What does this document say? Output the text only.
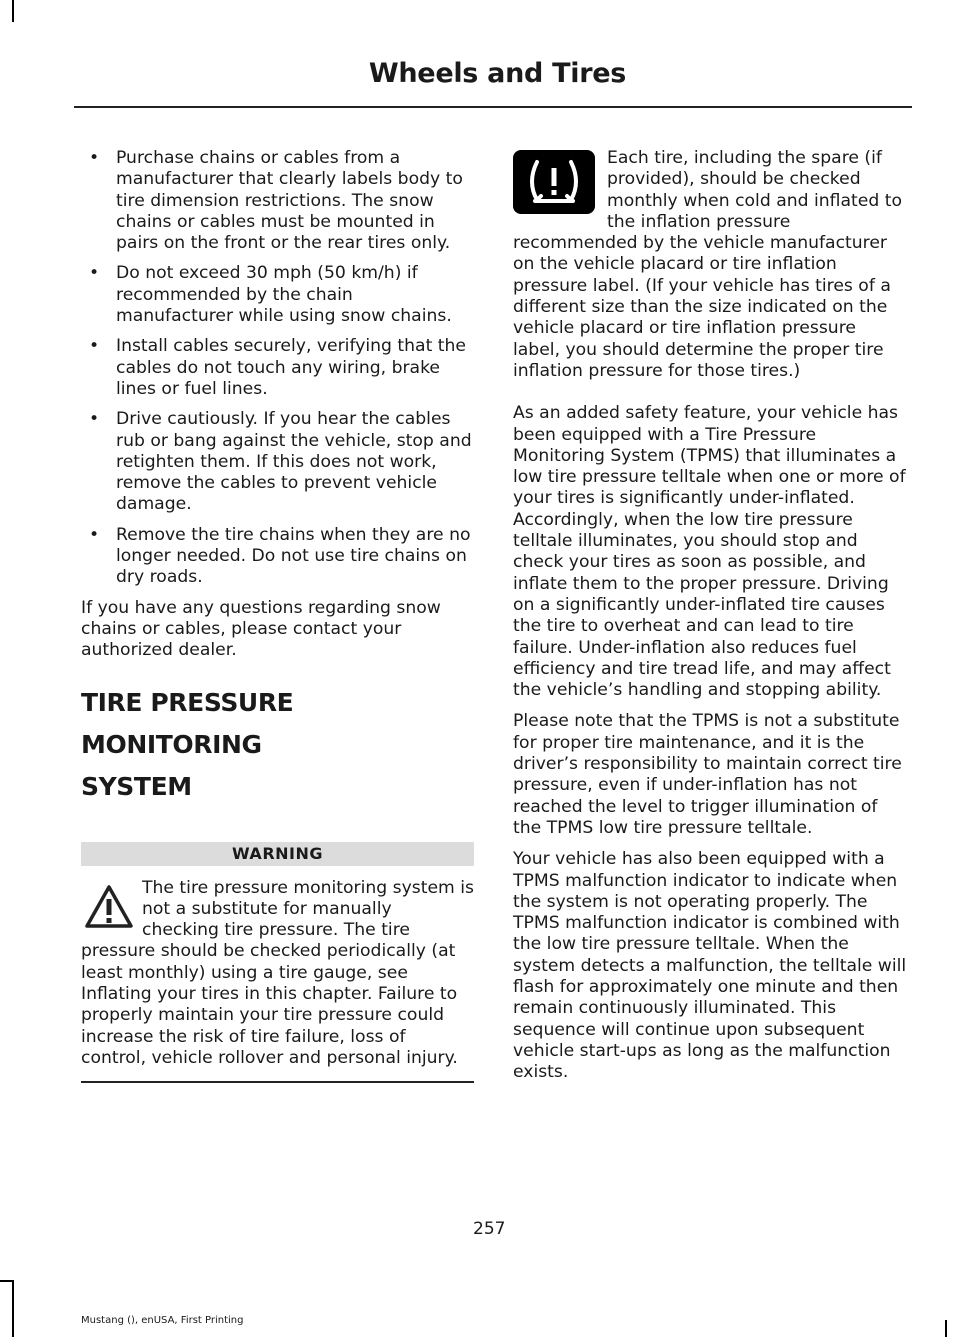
Wheels and Tires
• Purchase chains or cables from a manufacturer that clearly labels body to tire dimension restrictions. The snow chains or cables must be mounted in pairs on the front or the rear tires only.
• Do not exceed 30 mph (50 km/h) if recommended by the chain manufacturer while using snow chains.
• Install cables securely, verifying that the cables do not touch any wiring, brake lines or fuel lines.
• Drive cautiously. If you hear the cables rub or bang against the vehicle, stop and retighten them. If this does not work, remove the cables to prevent vehicle damage.
• Remove the tire chains when they are no longer needed. Do not use tire chains on dry roads.

If you have any questions regarding snow chains or cables, please contact your authorized dealer.

TIRE PRESSURE MONITORING
SYSTEM
WARNING
The tire pressure monitoring system is not a substitute for manually checking tire pressure. The tire pressure should be checked periodically (at least monthly) using a tire gauge, see Inflating your tires in this chapter. Failure to properly maintain your tire pressure could increase the risk of tire failure, loss of control, vehicle rollover and personal injury.

Each tire, including the spare (if provided), should be checked monthly when cold and inflated to the inflation pressure recommended by the vehicle manufacturer on the vehicle placard or tire inflation pressure label. (If your vehicle has tires of a different size than the size indicated on the vehicle placard or tire inflation pressure label, you should determine the proper tire inflation pressure for those tires.)

As an added safety feature, your vehicle has been equipped with a Tire Pressure Monitoring System (TPMS) that illuminates a low tire pressure telltale when one or more of your tires is significantly under-inflated. Accordingly, when the low tire pressure telltale illuminates, you should stop and check your tires as soon as possible, and inflate them to the proper pressure. Driving on a significantly under-inflated tire causes the tire to overheat and can lead to tire failure. Under-inflation also reduces fuel efficiency and tire tread life, and may affect the vehicle’s handling and stopping ability.

Please note that the TPMS is not a substitute for proper tire maintenance, and it is the driver’s responsibility to maintain correct tire pressure, even if under-inflation has not reached the level to trigger illumination of the TPMS low tire pressure telltale.

Your vehicle has also been equipped with a TPMS malfunction indicator to indicate when the system is not operating properly. The TPMS malfunction indicator is combined with the low tire pressure telltale. When the system detects a malfunction, the telltale will flash for approximately one minute and then remain continuously illuminated. This sequence will continue upon subsequent vehicle start-ups as long as the malfunction exists.

257
Mustang (), enUSA, First Printing
